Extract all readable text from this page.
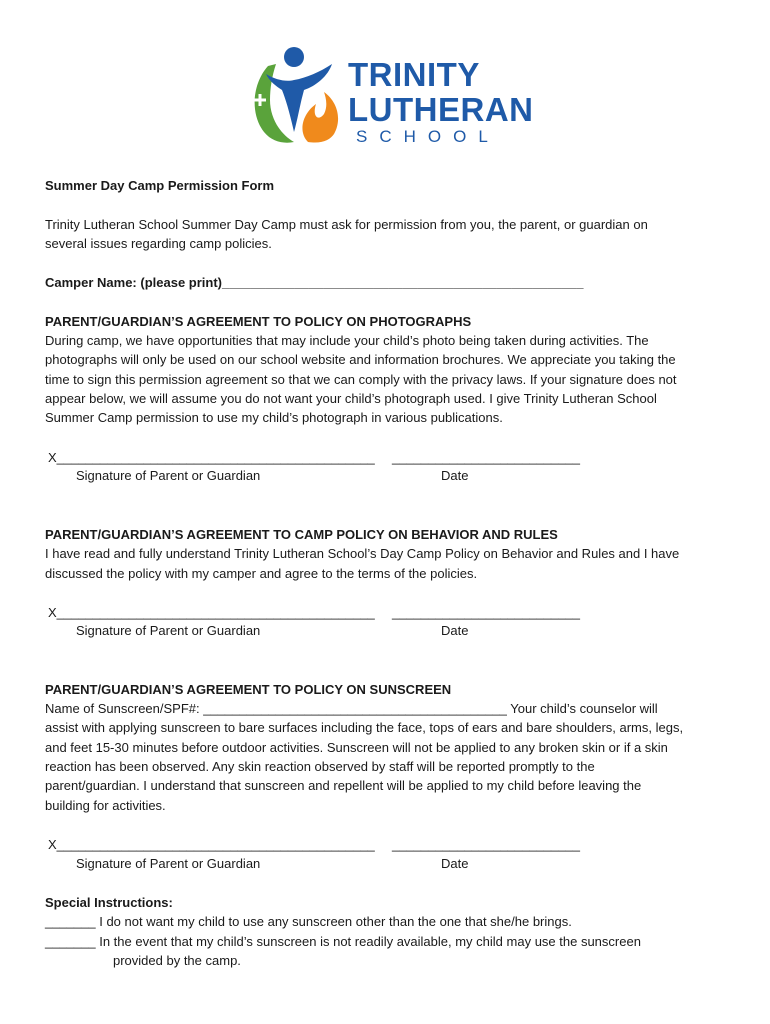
TRINITY
LUTHERAN
SCHOOL
Summer Day Camp Permission Form
Trinity Lutheran School Summer Day Camp must ask for permission from you, the parent, or guardian on
several issues regarding camp policies.
Camper Name: (please print)__________________________________________________
PARENT/GUARDIAN’S AGREEMENT TO POLICY ON PHOTOGRAPHS
During camp, we have opportunities that may include your child’s photo being taken during activities. The
photographs will only be used on our school website and information brochures. We appreciate you taking the
time to sign this permission agreement so that we can comply with the privacy laws. If your signature does not
appear below, we will assume you do not want your child’s photograph used. I give Trinity Lutheran School
Summer Camp permission to use my child’s photograph in various publications.
X____________________________________________ __________________________
Signature of Parent or Guardian	Date
PARENT/GUARDIAN’S AGREEMENT TO CAMP POLICY ON BEHAVIOR AND RULES
I have read and fully understand Trinity Lutheran School’s Day Camp Policy on Behavior and Rules and I have
discussed the policy with my camper and agree to the terms of the policies.
X____________________________________________ __________________________
Signature of Parent or Guardian	Date
PARENT/GUARDIAN’S AGREEMENT TO POLICY ON SUNSCREEN
Name of Sunscreen/SPF#: __________________________________________ Your child’s counselor will
assist with applying sunscreen to bare surfaces including the face, tops of ears and bare shoulders, arms, legs,
and feet 15-30 minutes before outdoor activities. Sunscreen will not be applied to any broken skin or if a skin
reaction has been observed. Any skin reaction observed by staff will be reported promptly to the
parent/guardian. I understand that sunscreen and repellent will be applied to my child before leaving the
building for activities.
X____________________________________________ __________________________
Signature of Parent or Guardian	Date
Special Instructions:
_______ I do not want my child to use any sunscreen other than the one that she/he brings.
_______ In the event that my child’s sunscreen is not readily available, my child may use the sunscreen
provided by the camp.
